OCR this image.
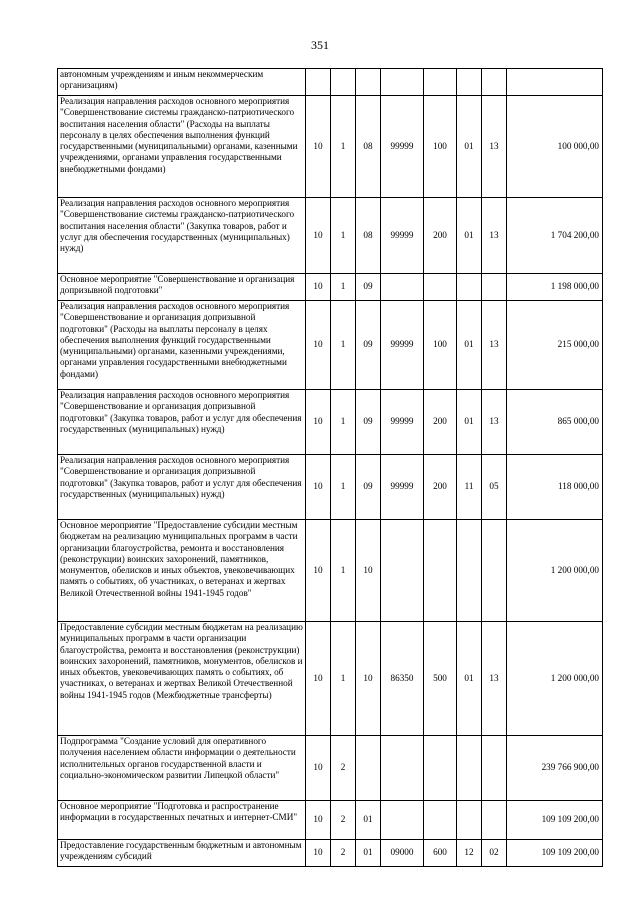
351
автономным учреждениям и иным некоммерческим организациям)								
Реализация направления расходов основного мероприятия "Совершенствование системы гражданско-патриотического воспитания населения области" (Расходы на выплаты персоналу в целях обеспечения выполнения функций государственными (муниципальными) органами, казенными учреждениями, органами управления государственными внебюджетными фондами)	10	1	08	99999	100	01	13	100 000,00
Реализация направления расходов основного мероприятия "Совершенствование системы гражданско-патриотического воспитания населения области" (Закупка товаров, работ и услуг для обеспечения государственных (муниципальных) нужд)	10	1	08	99999	200	01	13	1 704 200,00
Основное мероприятие "Совершенствование и организация допризывной подготовки"	10	1	09					1 198 000,00
Реализация направления расходов основного мероприятия "Совершенствование и организация допризывной подготовки" (Расходы на выплаты персоналу в целях обеспечения выполнения функций государственными (муниципальными) органами, казенными учреждениями, органами управления государственными внебюджетными фондами)	10	1	09	99999	100	01	13	215 000,00
Реализация направления расходов основного мероприятия "Совершенствование и организация допризывной подготовки" (Закупка товаров, работ и услуг для обеспечения государственных (муниципальных) нужд)	10	1	09	99999	200	01	13	865 000,00
Реализация направления расходов основного мероприятия "Совершенствование и организация допризывной подготовки" (Закупка товаров, работ и услуг для обеспечения государственных (муниципальных) нужд)	10	1	09	99999	200	11	05	118 000,00
Основное мероприятие "Предоставление субсидии местным бюджетам на реализацию муниципальных программ в части организации благоустройства, ремонта и восстановления (реконструкции) воинских захоронений, памятников, монументов, обелисков и иных объектов, увековечивающих память о событиях, об участниках, о ветеранах и жертвах Великой Отечественной войны 1941-1945 годов"	10	1	10					1 200 000,00
Предоставление субсидии местным бюджетам на реализацию муниципальных программ в части организации благоустройства, ремонта и восстановления (реконструкции) воинских захоронений, памятников, монументов, обелисков и иных объектов, увековечивающих память о событиях, об участниках, о ветеранах и жертвах Великой Отечественной войны 1941-1945 годов (Межбюджетные трансферты)	10	1	10	86350	500	01	13	1 200 000,00
Подпрограмма "Создание условий для оперативного получения населением области информации о деятельности исполнительных органов государственной власти и социально-экономическом развитии Липецкой области"	10	2						239 766 900,00
Основное мероприятие "Подготовка и распространение информации в государственных печатных и интернет-СМИ"	10	2	01					109 109 200,00
Предоставление государственным бюджетным и автономным учреждениям субсидий	10	2	01	09000	600	12	02	109 109 200,00
